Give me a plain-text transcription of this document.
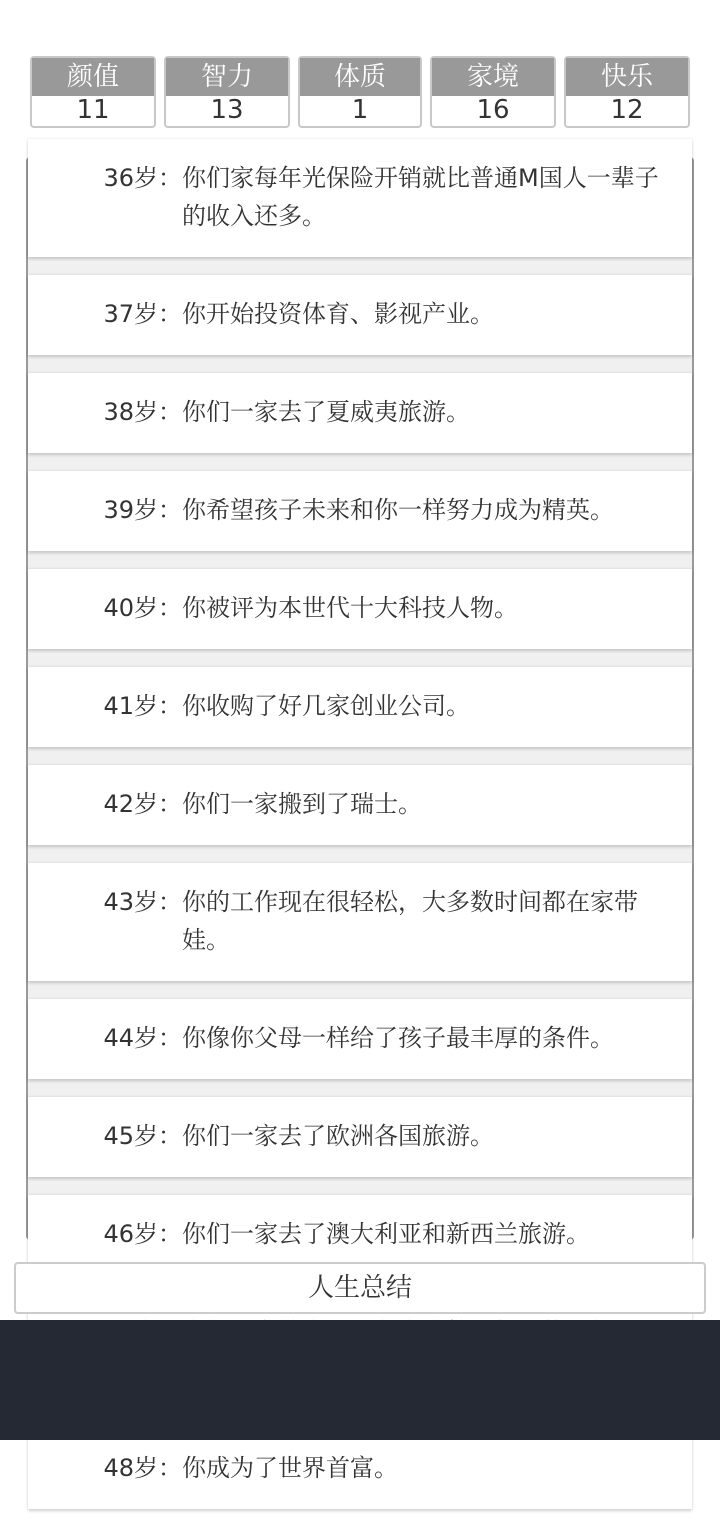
颜值
11
智力
13
体质
1
家境
16
快乐
12
36岁： 你们家每年光保险开销就比普通M国人一辈子的收入还多。
37岁： 你开始投资体育、影视产业。
38岁： 你们一家去了夏威夷旅游。
39岁： 你希望孩子未来和你一样努力成为精英。
40岁： 你被评为本世代十大科技人物。
41岁： 你收购了好几家创业公司。
42岁： 你们一家搬到了瑞士。
43岁： 你的工作现在很轻松，大多数时间都在家带娃。
44岁： 你像你父母一样给了孩子最丰厚的条件。
45岁： 你们一家去了欧洲各国旅游。
46岁： 你们一家去了澳大利亚和新西兰旅游。
48岁： 你成为了世界首富。
人生总结
